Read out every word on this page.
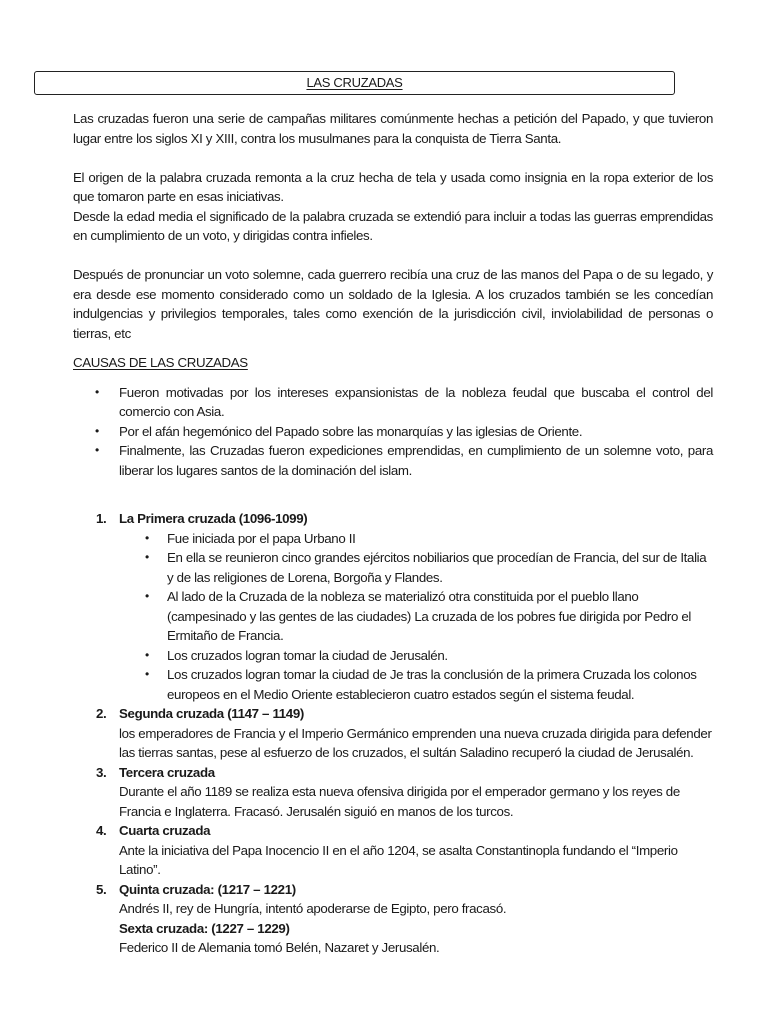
LAS CRUZADAS

Las cruzadas fueron una serie de campañas militares comúnmente hechas a petición del Papado, y que tuvieron lugar entre los siglos XI y XIII, contra los musulmanes para la conquista de Tierra Santa.

El origen de la palabra cruzada remonta a la cruz hecha de tela y usada como insignia en la ropa exterior de los que tomaron parte en esas iniciativas.

Desde la edad media el significado de la palabra cruzada se extendió para incluir a todas las guerras emprendidas en cumplimiento de un voto, y dirigidas contra infieles.

Después de pronunciar un voto solemne, cada guerrero recibía una cruz de las manos del Papa o de su legado, y era desde ese momento considerado como un soldado de la Iglesia. A los cruzados también se les concedían indulgencias y privilegios temporales, tales como exención de la jurisdicción civil, inviolabilidad de personas o tierras, etc

CAUSAS DE LAS CRUZADAS
• Fueron motivadas por los intereses expansionistas de la nobleza feudal que buscaba el control del comercio con Asia.
• Por el afán hegemónico del Papado sobre las monarquías y las iglesias de Oriente.
• Finalmente, las Cruzadas fueron expediciones emprendidas, en cumplimiento de un solemne voto, para liberar los lugares santos de la dominación del islam.
1. La Primera cruzada (1096-1099)
• Fue iniciada por el papa Urbano II
• En ella se reunieron cinco grandes ejércitos nobiliarios que procedían de Francia, del sur de Italia y de las religiones de Lorena, Borgoña y Flandes.
• Al lado de la Cruzada de la nobleza se materializó otra constituida por el pueblo llano (campesinado y las gentes de las ciudades) La cruzada de los pobres fue dirigida por Pedro el Ermitaño de Francia.
• Los cruzados logran tomar la ciudad de Jerusalén.
• Los cruzados logran tomar la ciudad de Je tras la conclusión de la primera Cruzada los colonos europeos en el Medio Oriente establecieron cuatro estados según el sistema feudal.
2. Segunda cruzada (1147 – 1149)
los emperadores de Francia y el Imperio Germánico emprenden una nueva cruzada dirigida para defender las tierras santas, pese al esfuerzo de los cruzados, el sultán Saladino recuperó la ciudad de Jerusalén.
3. Tercera cruzada
Durante el año 1189 se realiza esta nueva ofensiva dirigida por el emperador germano y los reyes de Francia e Inglaterra. Fracasó. Jerusalén siguió en manos de los turcos.
4. Cuarta cruzada
Ante la iniciativa del Papa Inocencio II en el año 1204, se asalta Constantinopla fundando el “Imperio Latino”.
5. Quinta cruzada: (1217 – 1221)
Andrés II, rey de Hungría, intentó apoderarse de Egipto, pero fracasó.
Sexta cruzada: (1227 – 1229)
Federico II de Alemania tomó Belén, Nazaret y Jerusalén.
